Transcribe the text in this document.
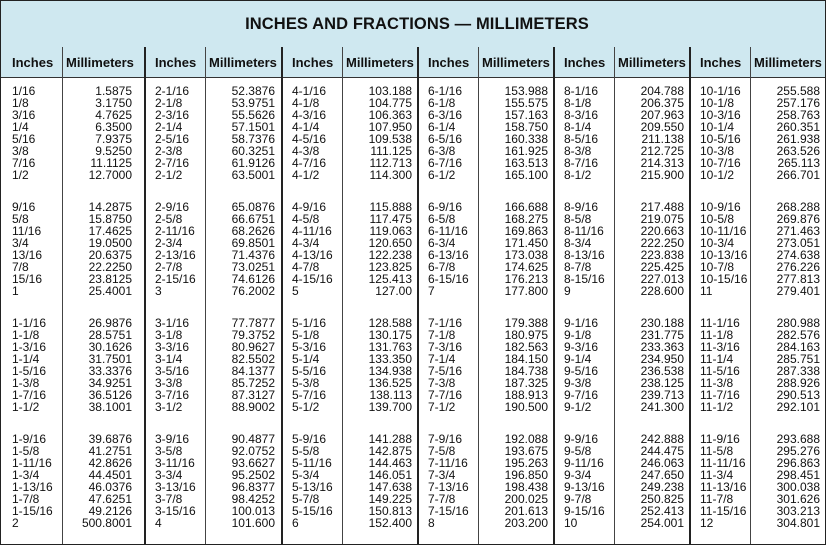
INCHES AND FRACTIONS — MILLIMETERS
Inches Millimeters	Inches Millimeters	Inches Millimeters	Inches Millimeters	Inches Millimeters	Inches Millimeters
1/16	1.5875
1/8	3.1750
3/16	4.7625
1/4	6.3500
5/16	7.9375
3/8	9.5250
7/16	11.1125
1/2	12.7000
9/16	14.2875
5/8	15.8750
11/16	17.4625
3/4	19.0500
13/16	20.6375
7/8	22.2250
15/16	23.8125
1	25.4001
1-1/16	26.9876
1-1/8	28.5751
1-3/16	30.1626
1-1/4	31.7501
1-5/16	33.3376
1-3/8	34.9251
1-7/16	36.5126
1-1/2	38.1001
1-9/16	39.6876
1-5/8	41.2751
1-11/16	42.8626
1-3/4	44.4501
1-13/16	46.0376
1-7/8	47.6251
1-15/16	49.2126
2	500.8001
2-1/16	52.3876
2-1/8	53.9751
2-3/16	55.5626
2-1/4	57.1501
2-5/16	58.7376
2-3/8	60.3251
2-7/16	61.9126
2-1/2	63.5001
2-9/16	65.0876
2-5/8	66.6751
2-11/16	68.2626
2-3/4	69.8501
2-13/16	71.4376
2-7/8	73.0251
2-15/16	74.6126
3	76.2002
3-1/16	77.7877
3-1/8	79.3752
3-3/16	80.9627
3-1/4	82.5502
3-5/16	84.1377
3-3/8	85.7252
3-7/16	87.3127
3-1/2	88.9002
3-9/16	90.4877
3-5/8	92.0752
3-11/16	93.6627
3-3/4	95.2502
3-13/16	96.8377
3-7/8	98.4252
3-15/16	100.013
4	101.600
4-1/16	103.188
4-1/8	104.775
4-3/16	106.363
4-1/4	107.950
4-5/16	109.538
4-3/8	111.125
4-7/16	112.713
4-1/2	114.300
4-9/16	115.888
4-5/8	117.475
4-11/16	119.063
4-3/4	120.650
4-13/16	122.238
4-7/8	123.825
4-15/16	125.413
5	127.00
5-1/16	128.588
5-1/8	130.175
5-3/16	131.763
5-1/4	133.350
5-5/16	134.938
5-3/8	136.525
5-7/16	138.113
5-1/2	139.700
5-9/16	141.288
5-5/8	142.875
5-11/16	144.463
5-3/4	146.051
5-13/16	147.638
5-7/8	149.225
5-15/16	150.813
6	152.400
6-1/16	153.988
6-1/8	155.575
6-3/16	157.163
6-1/4	158.750
6-5/16	160.338
6-3/8	161.925
6-7/16	163.513
6-1/2	165.100
6-9/16	166.688
6-5/8	168.275
6-11/16	169.863
6-3/4	171.450
6-13/16	173.038
6-7/8	174.625
6-15/16	176.213
7	177.800
7-1/16	179.388
7-1/8	180.975
7-3/16	182.563
7-1/4	184.150
7-5/16	184.738
7-3/8	187.325
7-7/16	188.913
7-1/2	190.500
7-9/16	192.088
7-5/8	193.675
7-11/16	195.263
7-3/4	196.850
7-13/16	198.438
7-7/8	200.025
7-15/16	201.613
8	203.200
8-1/16	204.788
8-1/8	206.375
8-3/16	207.963
8-1/4	209.550
8-5/16	211.138
8-3/8	212.725
8-7/16	214.313
8-1/2	215.900
8-9/16	217.488
8-5/8	219.075
8-11/16	220.663
8-3/4	222.250
8-13/16	223.838
8-7/8	225.425
8-15/16	227.013
9	228.600
9-1/16	230.188
9-1/8	231.775
9-3/16	233.363
9-1/4	234.950
9-5/16	236.538
9-3/8	238.125
9-7/16	239.713
9-1/2	241.300
9-9/16	242.888
9-5/8	244.475
9-11/16	246.063
9-3/4	247.650
9-13/16	249.238
9-7/8	250.825
9-15/16	252.413
10	254.001
10-1/16	255.588
10-1/8	257.176
10-3/16	258.763
10-1/4	260.351
10-5/16	261.938
10-3/8	263.526
10-7/16	265.113
10-1/2	266.701
10-9/16	268.288
10-5/8	269.876
10-11/16	271.463
10-3/4	273.051
10-13/16	274.638
10-7/8	276.226
10-15/16	277.813
11	279.401
11-1/16	280.988
11-1/8	282.576
11-3/16	284.163
11-1/4	285.751
11-5/16	287.338
11-3/8	288.926
11-7/16	290.513
11-1/2	292.101
11-9/16	293.688
11-5/8	295.276
11-11/16	296.863
11-3/4	298.451
11-13/16	300.038
11-7/8	301.626
11-15/16	303.213
12	304.801
